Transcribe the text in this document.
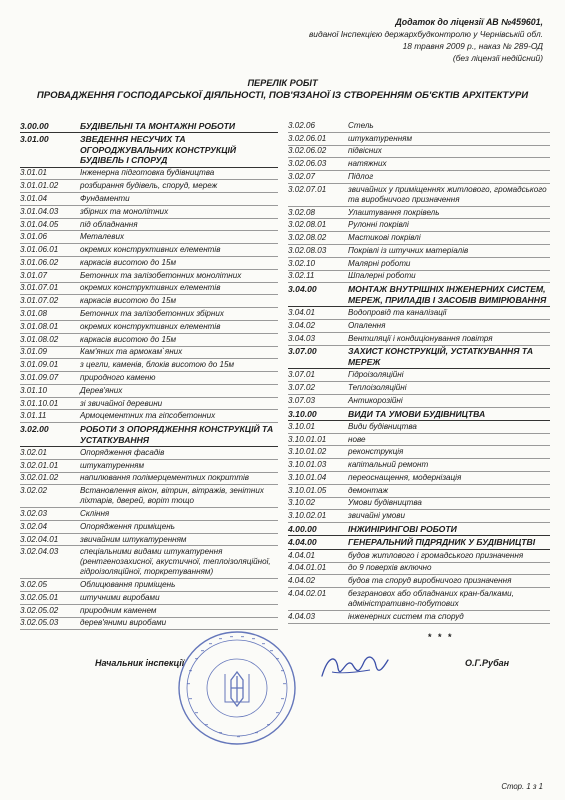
Додаток до ліцензії АВ №459601,
виданої Інспекцією держархбудконтролю у Чернівській обл.
18 травня 2009 р., наказ № 289-ОД
(без ліцензії недійсний)
ПЕРЕЛІК РОБІТ
ПРОВАДЖЕННЯ ГОСПОДАРСЬКОЇ ДІЯЛЬНОСТІ, ПОВ'ЯЗАНОЇ ІЗ СТВОРЕННЯМ ОБ'ЄКТІВ АРХІТЕКТУРИ
3.00.00	БУДІВЕЛЬНІ ТА МОНТАЖНІ РОБОТИ
3.01.00	ЗВЕДЕННЯ НЕСУЧИХ ТА ОГОРОДЖУВАЛЬНИХ КОНСТРУКЦІЙ БУДІВЕЛЬ І СПОРУД
3.01.01	Інженерна підготовка будівництва
3.01.01.02	розбирання будівель, споруд, мереж
3.01.04	Фундаменти
3.01.04.03	збірних та монолітних
3.01.04.05	під обладнання
3.01.06	Металевих
3.01.06.01	окремих конструктивних елементів
3.01.06.02	каркасів висотою до 15м
3.01.07	Бетонних та залізобетонних монолітних
3.01.07.01	окремих конструктивних елементів
3.01.07.02	каркасів висотою до 15м
3.01.08	Бетонних та залізобетонних збірних
3.01.08.01	окремих конструктивних елементів
3.01.08.02	каркасів висотою до 15м
3.01.09	Кам'яних та армокам`яних
3.01.09.01	з цегли, каменів, блоків висотою до 15м
3.01.09.07	природного каменю
3.01.10	Дерев'яних
3.01.10.01	зі звичайної деревини
3.01.11	Армоцементних та гіпсобетонних
3.02.00	РОБОТИ З ОПОРЯДЖЕННЯ КОНСТРУКЦІЙ ТА УСТАТКУВАННЯ
3.02.01	Опорядження фасадів
3.02.01.01	штукатуренням
3.02.01.02	напилювання полімерцементних покриттів
3.02.02	Встановлення вікон, вітрин, вітражів, зенітних ліхтарів, дверей, воріт тощо
3.02.03	Скління
3.02.04	Опорядження приміщень
3.02.04.01	звичайним штукатуренням
3.02.04.03	спеціальними видами штукатурення (рентгенозахисної, акустичної, теплоізоляційної, гідроізоляційної, торкретуванням)
3.02.05	Облицювання приміщень
3.02.05.01	штучними виробами
3.02.05.02	природним каменем
3.02.05.03	дерев'яними виробами
3.02.06	Стель
3.02.06.01	штукатуренням
3.02.06.02	підвісних
3.02.06.03	натяжних
3.02.07	Підлог
3.02.07.01	звичайних у приміщеннях житлового, громадського та виробничого призначення
3.02.08	Улаштування покрівель
3.02.08.01	Рулонні покрівлі
3.02.08.02	Мастикові покрівлі
3.02.08.03	Покрівлі із штучних матеріалів
3.02.10	Малярні роботи
3.02.11	Шпалерні роботи
3.04.00	МОНТАЖ ВНУТРІШНІХ ІНЖЕНЕРНИХ СИСТЕМ, МЕРЕЖ, ПРИЛАДІВ І ЗАСОБІВ ВИМІРЮВАННЯ
3.04.01	Водопровід та каналізації
3.04.02	Опалення
3.04.03	Вентиляції і кондиціонування повітря
3.07.00	ЗАХИСТ КОНСТРУКЦІЙ, УСТАТКУВАННЯ ТА МЕРЕЖ
3.07.01	Гідроізоляційні
3.07.02	Теплоізоляційні
3.07.03	Антикорозійні
3.10.00	ВИДИ ТА УМОВИ БУДІВНИЦТВА
3.10.01	Види будівництва
3.10.01.01	нове
3.10.01.02	реконструкція
3.10.01.03	капітальний ремонт
3.10.01.04	переоснащення, модернізація
3.10.01.05	демонтаж
3.10.02	Умови будівництва
3.10.02.01	звичайні умови
4.00.00	ІНЖИНІРИНГОВІ РОБОТИ
4.04.00	ГЕНЕРАЛЬНИЙ ПІДРЯДНИК У БУДІВНИЦТВІ
4.04.01	будов житлового і громадського призначення
4.04.01.01	до 9 поверхів включно
4.04.02	будов та споруд виробничого призначення
4.04.02.01	безграновох або обладнаних кран-балками, адміністративно-побутових
4.04.03	інженерних систем та споруд
* * *
Начальник інспекції	О.Г.Рубан
Стор. 1 з 1
